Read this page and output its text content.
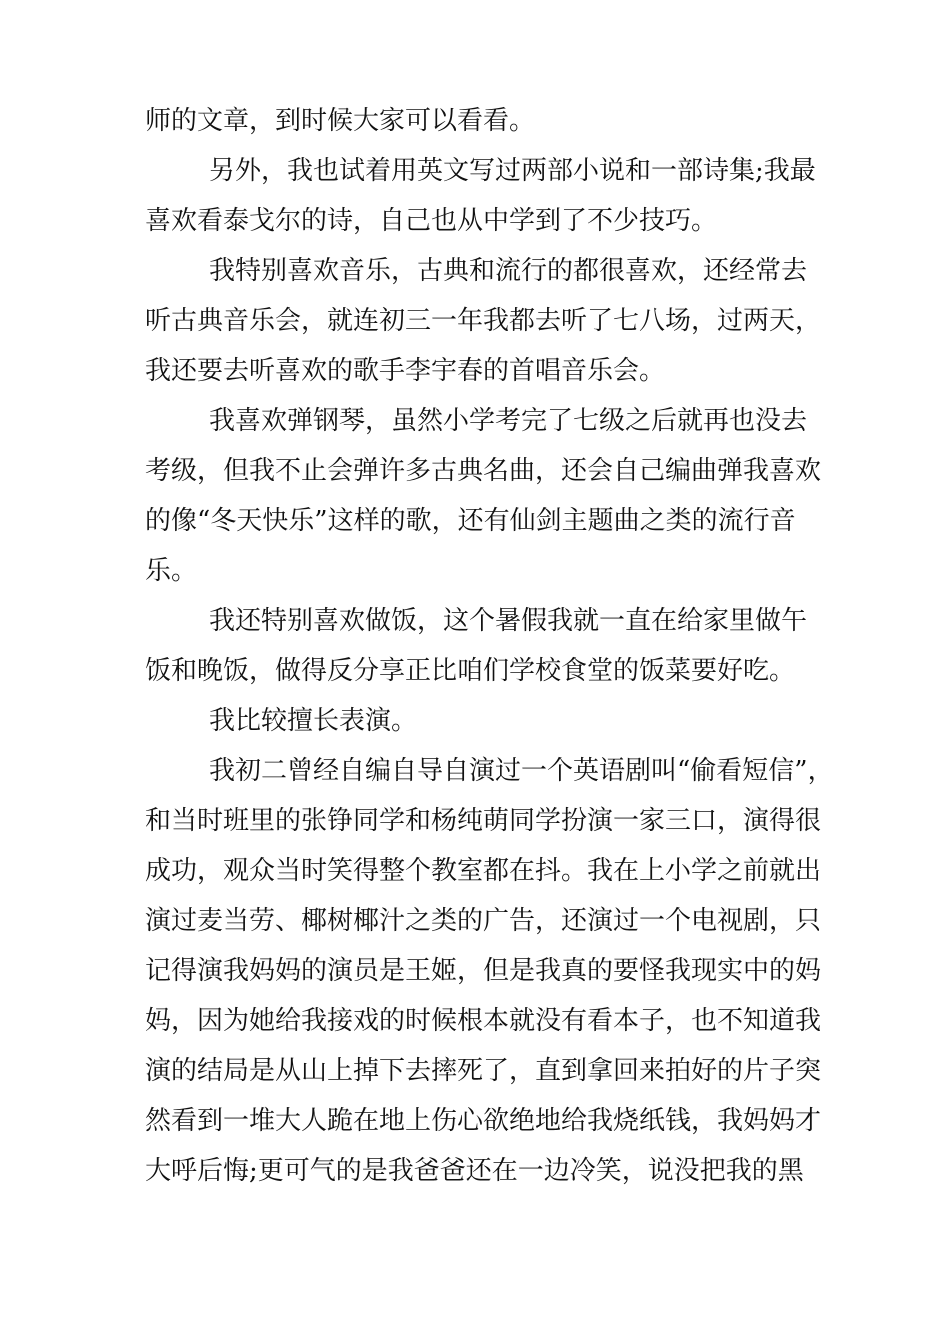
师的文章，到时候大家可以看看。
另外，我也试着用英文写过两部小说和一部诗集;我最
喜欢看泰戈尔的诗，自己也从中学到了不少技巧。
我特别喜欢音乐，古典和流行的都很喜欢，还经常去
听古典音乐会，就连初三一年我都去听了七八场，过两天，
我还要去听喜欢的歌手李宇春的首唱音乐会。
我喜欢弹钢琴，虽然小学考完了七级之后就再也没去
考级，但我不止会弹许多古典名曲，还会自己编曲弹我喜欢
的像“冬天快乐”这样的歌，还有仙剑主题曲之类的流行音
乐。
我还特别喜欢做饭，这个暑假我就一直在给家里做午
饭和晚饭，做得反分享正比咱们学校食堂的饭菜要好吃。
我比较擅长表演。
我初二曾经自编自导自演过一个英语剧叫“偷看短信”，
和当时班里的张铮同学和杨纯萌同学扮演一家三口，演得很
成功，观众当时笑得整个教室都在抖。我在上小学之前就出
演过麦当劳、椰树椰汁之类的广告，还演过一个电视剧，只
记得演我妈妈的演员是王姬，但是我真的要怪我现实中的妈
妈，因为她给我接戏的时候根本就没有看本子，也不知道我
演的结局是从山上掉下去摔死了，直到拿回来拍好的片子突
然看到一堆大人跪在地上伤心欲绝地给我烧纸钱，我妈妈才
大呼后悔;更可气的是我爸爸还在一边冷笑，说没把我的黑
